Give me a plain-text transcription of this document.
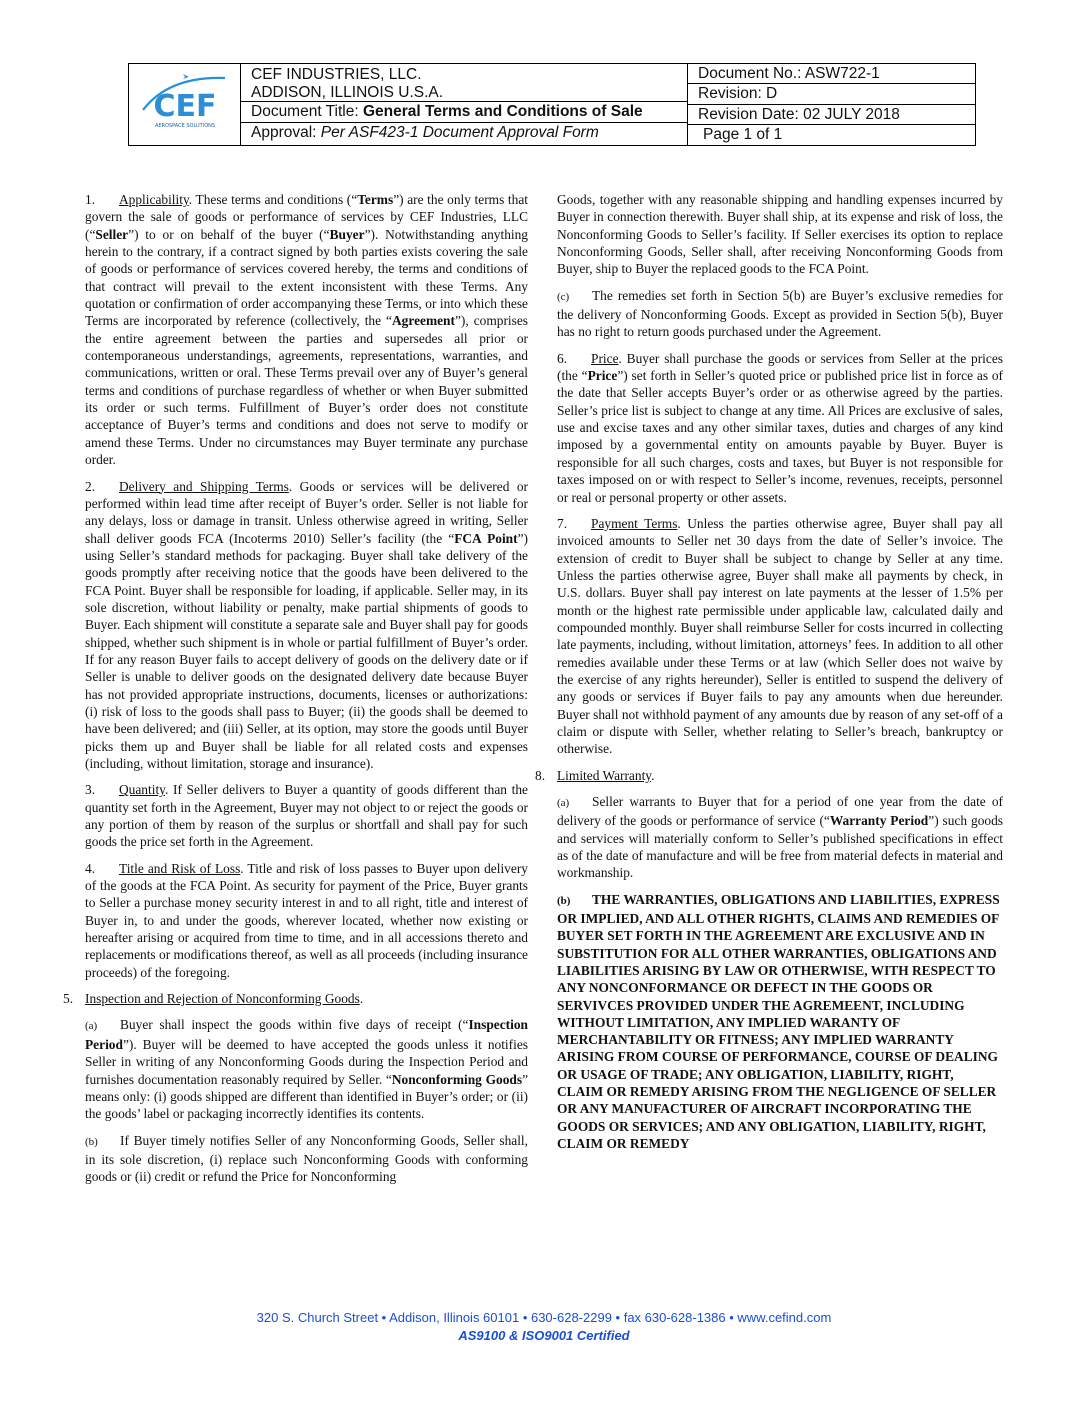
CEF
AEROSPACE SOLUTIONS
CEF INDUSTRIES, LLC.
ADDISON, ILLINOIS U.S.A.
Document Title: General Terms and Conditions of Sale
Approval: Per ASF423-1 Document Approval Form
Document No.: ASW722-1
Revision: D
Revision Date: 02 JULY 2018
Page 1 of 1

1. Applicability. These terms and conditions (“Terms”) are the only terms that govern the sale of goods or performance of services by CEF Industries, LLC (“Seller”) to or on behalf of the buyer (“Buyer”). Notwithstanding anything herein to the contrary, if a contract signed by both parties exists covering the sale of goods or performance of services covered hereby, the terms and conditions of that contract will prevail to the extent inconsistent with these Terms. Any quotation or confirmation of order accompanying these Terms, or into which these Terms are incorporated by reference (collectively, the “Agreement”), comprises the entire agreement between the parties and supersedes all prior or contemporaneous understandings, agreements, representations, warranties, and communications, written or oral. These Terms prevail over any of Buyer’s general terms and conditions of purchase regardless of whether or when Buyer submitted its order or such terms. Fulfillment of Buyer’s order does not constitute acceptance of Buyer’s terms and conditions and does not serve to modify or amend these Terms. Under no circumstances may Buyer terminate any purchase order.

2. Delivery and Shipping Terms. Goods or services will be delivered or performed within lead time after receipt of Buyer’s order. Seller is not liable for any delays, loss or damage in transit. Unless otherwise agreed in writing, Seller shall deliver goods FCA (Incoterms 2010) Seller’s facility (the “FCA Point”) using Seller’s standard methods for packaging. Buyer shall take delivery of the goods promptly after receiving notice that the goods have been delivered to the FCA Point. Buyer shall be responsible for loading, if applicable. Seller may, in its sole discretion, without liability or penalty, make partial shipments of goods to Buyer. Each shipment will constitute a separate sale and Buyer shall pay for goods shipped, whether such shipment is in whole or partial fulfillment of Buyer’s order. If for any reason Buyer fails to accept delivery of goods on the delivery date or if Seller is unable to deliver goods on the designated delivery date because Buyer has not provided appropriate instructions, documents, licenses or authorizations: (i) risk of loss to the goods shall pass to Buyer; (ii) the goods shall be deemed to have been delivered; and (iii) Seller, at its option, may store the goods until Buyer picks them up and Buyer shall be liable for all related costs and expenses (including, without limitation, storage and insurance).

3. Quantity. If Seller delivers to Buyer a quantity of goods different than the quantity set forth in the Agreement, Buyer may not object to or reject the goods or any portion of them by reason of the surplus or shortfall and shall pay for such goods the price set forth in the Agreement.

4. Title and Risk of Loss. Title and risk of loss passes to Buyer upon delivery of the goods at the FCA Point. As security for payment of the Price, Buyer grants to Seller a purchase money security interest in and to all right, title and interest of Buyer in, to and under the goods, wherever located, whether now existing or hereafter arising or acquired from time to time, and in all accessions thereto and replacements or modifications thereof, as well as all proceeds (including insurance proceeds) of the foregoing.

5. Inspection and Rejection of Nonconforming Goods.

(a) Buyer shall inspect the goods within five days of receipt (“Inspection Period”). Buyer will be deemed to have accepted the goods unless it notifies Seller in writing of any Nonconforming Goods during the Inspection Period and furnishes documentation reasonably required by Seller. “Nonconforming Goods” means only: (i) goods shipped are different than identified in Buyer’s order; or (ii) the goods’ label or packaging incorrectly identifies its contents.

(b) If Buyer timely notifies Seller of any Nonconforming Goods, Seller shall, in its sole discretion, (i) replace such Nonconforming Goods with conforming goods or (ii) credit or refund the Price for Nonconforming

Goods, together with any reasonable shipping and handling expenses incurred by Buyer in connection therewith. Buyer shall ship, at its expense and risk of loss, the Nonconforming Goods to Seller’s facility. If Seller exercises its option to replace Nonconforming Goods, Seller shall, after receiving Nonconforming Goods from Buyer, ship to Buyer the replaced goods to the FCA Point.

(c) The remedies set forth in Section 5(b) are Buyer’s exclusive remedies for the delivery of Nonconforming Goods. Except as provided in Section 5(b), Buyer has no right to return goods purchased under the Agreement.

6. Price. Buyer shall purchase the goods or services from Seller at the prices (the “Price”) set forth in Seller’s quoted price or published price list in force as of the date that Seller accepts Buyer’s order or as otherwise agreed by the parties. Seller’s price list is subject to change at any time. All Prices are exclusive of sales, use and excise taxes and any other similar taxes, duties and charges of any kind imposed by a governmental entity on amounts payable by Buyer. Buyer is responsible for all such charges, costs and taxes, but Buyer is not responsible for taxes imposed on or with respect to Seller’s income, revenues, receipts, personnel or real or personal property or other assets.

7. Payment Terms. Unless the parties otherwise agree, Buyer shall pay all invoiced amounts to Seller net 30 days from the date of Seller’s invoice. The extension of credit to Buyer shall be subject to change by Seller at any time. Unless the parties otherwise agree, Buyer shall make all payments by check, in U.S. dollars. Buyer shall pay interest on late payments at the lesser of 1.5% per month or the highest rate permissible under applicable law, calculated daily and compounded monthly. Buyer shall reimburse Seller for costs incurred in collecting late payments, including, without limitation, attorneys’ fees. In addition to all other remedies available under these Terms or at law (which Seller does not waive by the exercise of any rights hereunder), Seller is entitled to suspend the delivery of any goods or services if Buyer fails to pay any amounts when due hereunder. Buyer shall not withhold payment of any amounts due by reason of any set-off of a claim or dispute with Seller, whether relating to Seller’s breach, bankruptcy or otherwise.

8. Limited Warranty.

(a) Seller warrants to Buyer that for a period of one year from the date of delivery of the goods or performance of service (“Warranty Period”) such goods and services will materially conform to Seller’s published specifications in effect as of the date of manufacture and will be free from material defects in material and workmanship.

(b) THE WARRANTIES, OBLIGATIONS AND LIABILITIES, EXPRESS OR IMPLIED, AND ALL OTHER RIGHTS, CLAIMS AND REMEDIES OF BUYER SET FORTH IN THE AGREEMENT ARE EXCLUSIVE AND IN SUBSTITUTION FOR ALL OTHER WARRANTIES, OBLIGATIONS AND LIABILITIES ARISING BY LAW OR OTHERWISE, WITH RESPECT TO ANY NONCONFORMANCE OR DEFECT IN THE GOODS OR SERVIVCES PROVIDED UNDER THE AGREMEENT, INCLUDING WITHOUT LIMITATION, ANY IMPLIED WARANTY OF MERCHANTABILITY OR FITNESS; ANY IMPLIED WARRANTY ARISING FROM COURSE OF PERFORMANCE, COURSE OF DEALING OR USAGE OF TRADE; ANY OBLIGATION, LIABILITY, RIGHT, CLAIM OR REMEDY ARISING FROM THE NEGLIGENCE OF SELLER OR ANY MANUFACTURER OF AIRCRAFT INCORPORATING THE GOODS OR SERVICES; AND ANY OBLIGATION, LIABILITY, RIGHT, CLAIM OR REMEDY

320 S. Church Street • Addison, Illinois 60101 • 630-628-2299 • fax 630-628-1386 • www.cefind.com
AS9100 & ISO9001 Certified
